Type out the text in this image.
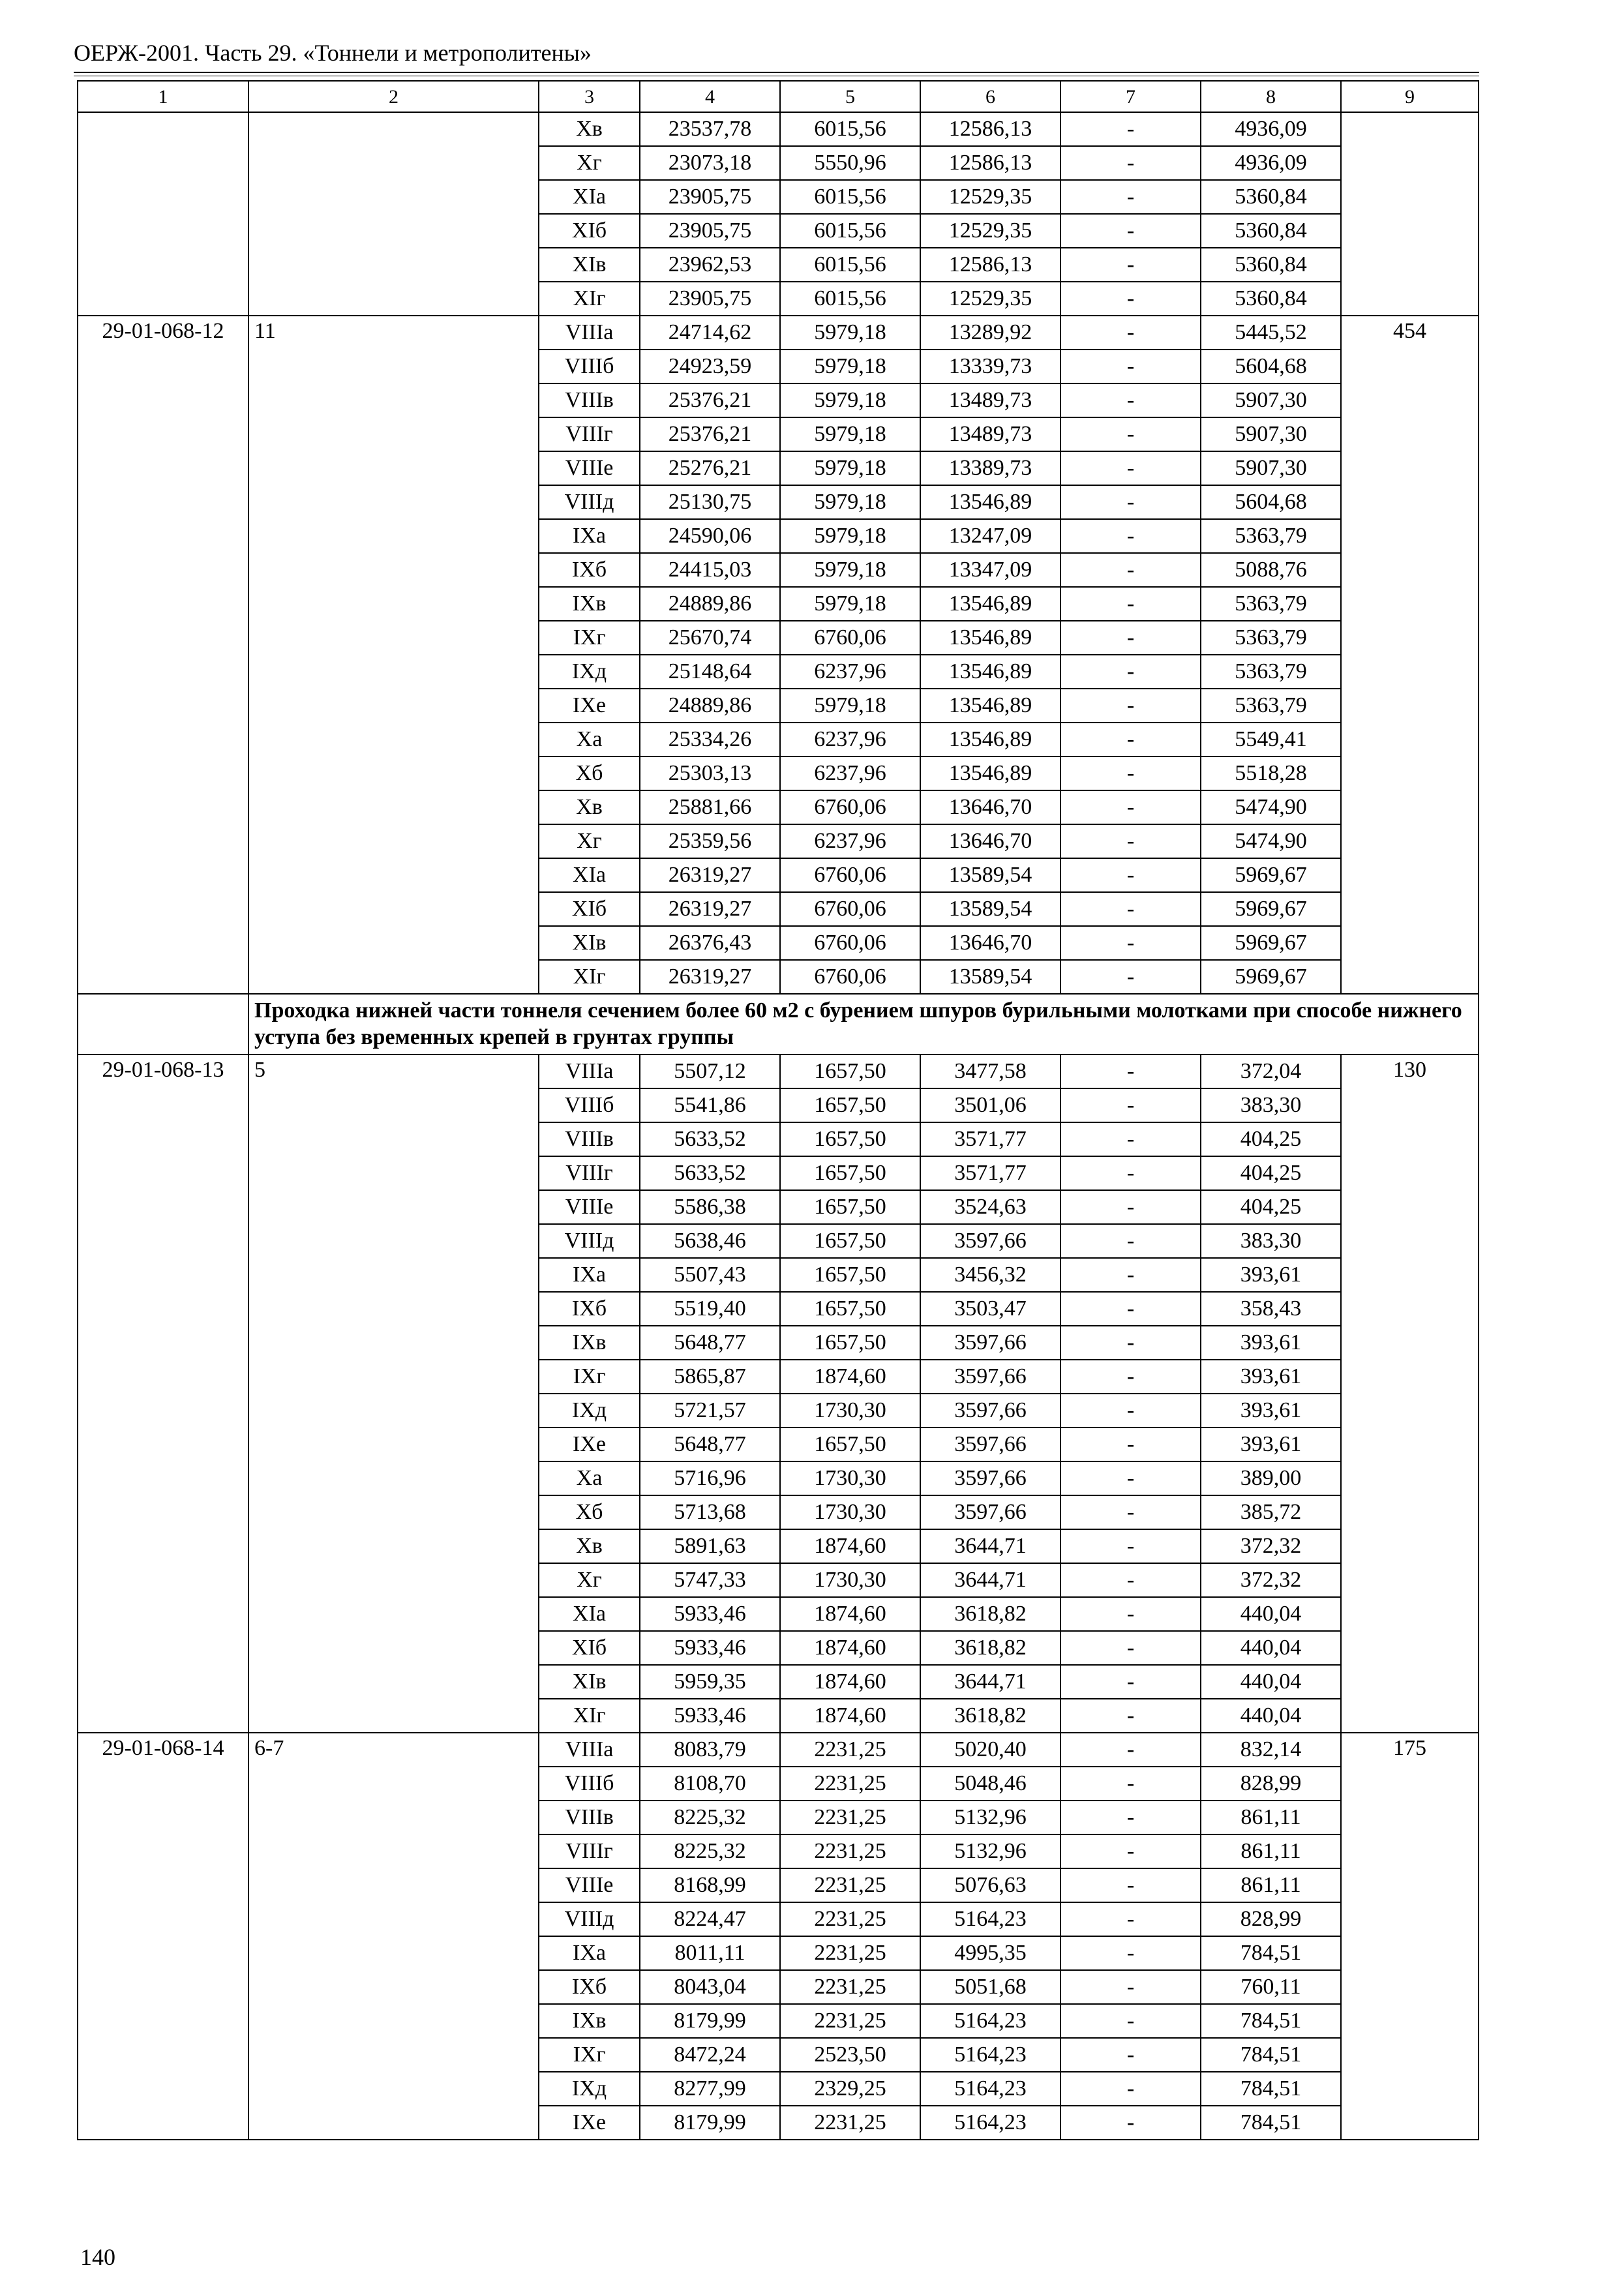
ОЕРЖ-2001. Часть 29. «Тоннели и метрополитены»
1	2	3	4	5	6	7	8	9
		Xв	23537,78	6015,56	12586,13	-	4936,09	
		Xг	23073,18	5550,96	12586,13	-	4936,09	
		XIа	23905,75	6015,56	12529,35	-	5360,84	
		XIб	23905,75	6015,56	12529,35	-	5360,84	
		XIв	23962,53	6015,56	12586,13	-	5360,84	
		XIг	23905,75	6015,56	12529,35	-	5360,84	
29-01-068-12	11	VIIIа	24714,62	5979,18	13289,92	-	5445,52	454
		VIIIб	24923,59	5979,18	13339,73	-	5604,68	
		VIIIв	25376,21	5979,18	13489,73	-	5907,30	
		VIIIг	25376,21	5979,18	13489,73	-	5907,30	
		VIIIе	25276,21	5979,18	13389,73	-	5907,30	
		VIIIд	25130,75	5979,18	13546,89	-	5604,68	
		IXа	24590,06	5979,18	13247,09	-	5363,79	
		IXб	24415,03	5979,18	13347,09	-	5088,76	
		IXв	24889,86	5979,18	13546,89	-	5363,79	
		IXг	25670,74	6760,06	13546,89	-	5363,79	
		IXд	25148,64	6237,96	13546,89	-	5363,79	
		IXе	24889,86	5979,18	13546,89	-	5363,79	
		Xа	25334,26	6237,96	13546,89	-	5549,41	
		Xб	25303,13	6237,96	13546,89	-	5518,28	
		Xв	25881,66	6760,06	13646,70	-	5474,90	
		Xг	25359,56	6237,96	13646,70	-	5474,90	
		XIа	26319,27	6760,06	13589,54	-	5969,67	
		XIб	26319,27	6760,06	13589,54	-	5969,67	
		XIв	26376,43	6760,06	13646,70	-	5969,67	
		XIг	26319,27	6760,06	13589,54	-	5969,67	
	Проходка нижней части тоннеля сечением более 60 м2 с бурением шпуров бурильными молотками при способе нижнего уступа без временных крепей в грунтах группы							
29-01-068-13	5	VIIIа	5507,12	1657,50	3477,58	-	372,04	130
		VIIIб	5541,86	1657,50	3501,06	-	383,30	
		VIIIв	5633,52	1657,50	3571,77	-	404,25	
		VIIIг	5633,52	1657,50	3571,77	-	404,25	
		VIIIе	5586,38	1657,50	3524,63	-	404,25	
		VIIIд	5638,46	1657,50	3597,66	-	383,30	
		IXа	5507,43	1657,50	3456,32	-	393,61	
		IXб	5519,40	1657,50	3503,47	-	358,43	
		IXв	5648,77	1657,50	3597,66	-	393,61	
		IXг	5865,87	1874,60	3597,66	-	393,61	
		IXд	5721,57	1730,30	3597,66	-	393,61	
		IXе	5648,77	1657,50	3597,66	-	393,61	
		Xа	5716,96	1730,30	3597,66	-	389,00	
		Xб	5713,68	1730,30	3597,66	-	385,72	
		Xв	5891,63	1874,60	3644,71	-	372,32	
		Xг	5747,33	1730,30	3644,71	-	372,32	
		XIа	5933,46	1874,60	3618,82	-	440,04	
		XIб	5933,46	1874,60	3618,82	-	440,04	
		XIв	5959,35	1874,60	3644,71	-	440,04	
		XIг	5933,46	1874,60	3618,82	-	440,04	
29-01-068-14	6-7	VIIIа	8083,79	2231,25	5020,40	-	832,14	175
		VIIIб	8108,70	2231,25	5048,46	-	828,99	
		VIIIв	8225,32	2231,25	5132,96	-	861,11	
		VIIIг	8225,32	2231,25	5132,96	-	861,11	
		VIIIе	8168,99	2231,25	5076,63	-	861,11	
		VIIIд	8224,47	2231,25	5164,23	-	828,99	
		IXа	8011,11	2231,25	4995,35	-	784,51	
		IXб	8043,04	2231,25	5051,68	-	760,11	
		IXв	8179,99	2231,25	5164,23	-	784,51	
		IXг	8472,24	2523,50	5164,23	-	784,51	
		IXд	8277,99	2329,25	5164,23	-	784,51	
		IXе	8179,99	2231,25	5164,23	-	784,51	
140
